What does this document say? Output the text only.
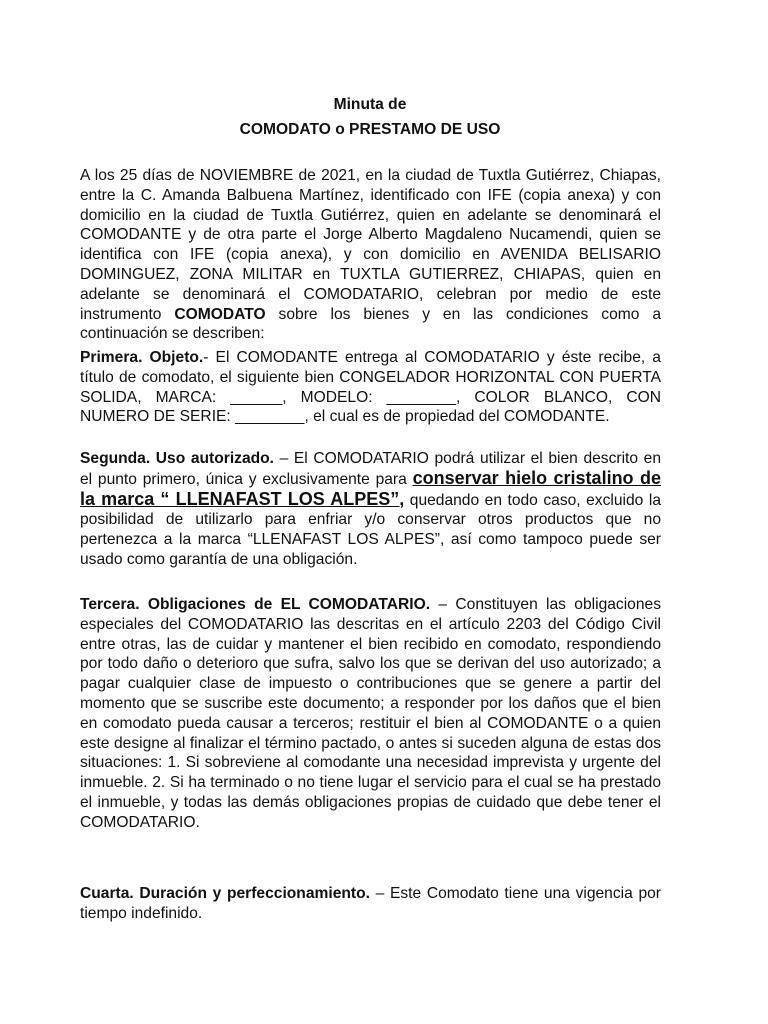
Minuta de
COMODATO o PRESTAMO DE USO

A los 25 días de NOVIEMBRE de 2021, en la ciudad de Tuxtla Gutiérrez, Chiapas, entre la C. Amanda Balbuena Martínez, identificado con IFE (copia anexa) y con domicilio en la ciudad de Tuxtla Gutiérrez, quien en adelante se denominará el COMODANTE y de otra parte el Jorge Alberto Magdaleno Nucamendi, quien se identifica con IFE (copia anexa), y con domicilio en AVENIDA BELISARIO DOMINGUEZ, ZONA MILITAR en TUXTLA GUTIERREZ, CHIAPAS, quien en adelante se denominará el COMODATARIO, celebran por medio de este instrumento COMODATO sobre los bienes y en las condiciones como a continuación se describen:

Primera. Objeto.- El COMODANTE entrega al COMODATARIO y éste recibe, a título de comodato, el siguiente bien CONGELADOR HORIZONTAL CON PUERTA SOLIDA, MARCA: ______, MODELO: ________, COLOR BLANCO, CON NUMERO DE SERIE: ________, el cual es de propiedad del COMODANTE.

Segunda. Uso autorizado. – El COMODATARIO podrá utilizar el bien descrito en el punto primero, única y exclusivamente para conservar hielo cristalino de la marca “ LLENAFAST LOS ALPES”, quedando en todo caso, excluido la posibilidad de utilizarlo para enfriar y/o conservar otros productos que no pertenezca a la marca “LLENAFAST LOS ALPES”, así como tampoco puede ser usado como garantía de una obligación.

Tercera. Obligaciones de EL COMODATARIO. – Constituyen las obligaciones especiales del COMODATARIO las descritas en el artículo 2203 del Código Civil entre otras, las de cuidar y mantener el bien recibido en comodato, respondiendo por todo daño o deterioro que sufra, salvo los que se derivan del uso autorizado; a pagar cualquier clase de impuesto o contribuciones que se genere a partir del momento que se suscribe este documento; a responder por los daños que el bien en comodato pueda causar a terceros; restituir el bien al COMODANTE o a quien este designe al finalizar el término pactado, o antes si suceden alguna de estas dos situaciones: 1. Si sobreviene al comodante una necesidad imprevista y urgente del inmueble. 2. Si ha terminado o no tiene lugar el servicio para el cual se ha prestado el inmueble, y todas las demás obligaciones propias de cuidado que debe tener el COMODATARIO.

Cuarta. Duración y perfeccionamiento. – Este Comodato tiene una vigencia por tiempo indefinido.
